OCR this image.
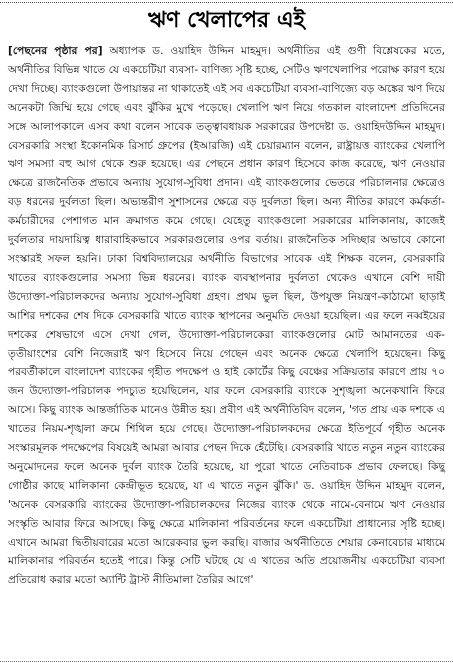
ঋণ খেলাপের এই

[পেছনের পৃষ্ঠার পর] অধ্যাপক ড. ওয়াহিদ উদ্দিন মাহমুদ। অর্থনীতির এই গুণী বিশ্লেষকের মতে, অর্থনীতির বিভিন্ন খাতে যে একচেটিয়া ব্যবসা- বাণিজ্য সৃষ্টি হচ্ছে, সেটিও ঋণখেলাপির পরোক্ষ কারণ হয়ে দেখা দিচ্ছে। ব্যাংকগুলো উপায়ান্তর না থাকাতেই এই সব একচেটিয়া ব্যবসা-বাণিজ্যে বড় অঙ্কের ঋণ দিয়ে অনেকটা জিম্মি হয়ে গেছে এবং ঝুঁকির মুখে পড়েছে। খেলাপি ঋণ নিয়ে গতকাল বাংলাদেশ প্রতিদিনের সঙ্গে আলাপকালে এসব কথা বলেন সাবেক তত্ত্বাবধায়ক সরকারের উপদেষ্টা ড. ওয়াহিদউদ্দিন মাহমুদ। বেসরকারি সংস্থা ইকোনমিক রিসার্চ গ্রুপের (ইআরজি) এই চেয়ারম্যান বলেন, রাষ্ট্রায়ত্ত ব্যাংকের খেলাপি ঋণ সমস্যা বহু আগ থেকে শুরু হয়েছে। এর পেছনে প্রধান কারণ হিসেবে কাজ করেছে, ঋণ নেওয়ার ক্ষেত্রে রাজনৈতিক প্রভাবে অন্যায় সুযোগ-সুবিধা প্রদান। এই ব্যাংকগুলোর ভেতরে পরিচালনার ক্ষেত্রেও বড় ধরনের দুর্বলতা ছিল। অভ্যন্তরীণ সুশাসনের ক্ষেত্রে বড় দুর্বলতা ছিল। অন্য নীতির কারণে কর্মকর্তা-কর্মচারীদের পেশাগত মান ক্রমাগত কমে গেছে। যেহেতু ব্যাংকগুলো সরকারের মালিকানায়, কাজেই দুর্বলতার দায়দায়িত্ব ধারাবাহিকভাবে সরকারগুলোর ওপর বর্তায়। রাজনৈতিক সদিচ্ছার অভাবে কোনো সংস্কারই সফল হয়নি। ঢাকা বিশ্ববিদ্যালয়ের অর্থনীতি বিভাগের সাবেক এই শিক্ষক বলেন, বেসরকারি খাতের ব্যাংকগুলোর সমস্যা ভিন্ন ধরনের। ব্যাংক ব্যবস্থাপনার দুর্বলতা থেকেও এখানে বেশি দায়ী উদ্যোক্তা-পরিচালকদের অন্যায় সুযোগ-সুবিধা গ্রহণ। প্রথম ভুল ছিল, উপযুক্ত নিয়ন্ত্রণ-কাঠামো ছাড়াই আশির দশকের শেষ দিকে বেসরকারি খাতে ব্যাংক স্থাপনের অনুমতি দেওয়া হয়েছিল। এর ফলে নব্বইয়ের দশকের শেষভাগে এসে দেখা গেল, উদ্যোক্তা-পরিচালকেরা ব্যাংকগুলোর মোট আমানতের এক-তৃতীয়াংশের বেশি নিজেরাই ঋণ হিসেবে নিয়ে গেছেন এবং অনেক ক্ষেত্রে খেলাপি হয়েছেন। কিছু পরবর্তীকালে বাংলাদেশ ব্যাংকের গৃহীত পদক্ষেপ ও হাই কোর্টের কিছু বেঞ্চের সক্রিয়তার কারণে প্রায় ৭০ জন উদ্যোক্তা-পরিচালক পদচ্যুত হয়েছিলেন, যার ফলে বেসরকারি ব্যাংকে সুশৃঙ্খলা অনেকখানি ফিরে আসে। কিছু ব্যাংক আন্তর্জাতিক মানেও উন্নীত হয়। প্রবীণ এই অর্থনীতিবিদ বলেন, 'গত প্রায় এক দশকে এ খাতের নিয়ম-শৃঙ্খলা ক্রমে শিথিল হয়ে গেছে। উদ্যোক্তা-পরিচালকদের ক্ষেত্রে ইতিপূর্বে গৃহীত অনেক সংস্কারমূলক পদক্ষেপের বিষয়েই আমরা আবার পেছন দিকে হেঁটেছি। বেসরকারি খাতে নতুন নতুন ব্যাংকের অনুমোদনের ফলে অনেক দুর্বল ব্যাংক তৈরি হয়েছে, যা পুরো খাতে নেতিবাচক প্রভাব ফেলছে। কিছু গোষ্ঠীর কাছে মালিকানা কেন্দ্রীভূত হয়েছে, যা এ খাতে নতুন ঝুঁকি।' ড. ওয়াহিদ উদ্দিন মাহমুদ বলেন, 'অনেক বেসরকারি ব্যাংকের উদ্যোক্তা-পরিচালকদের নিজের ব্যাংক থেকে নামে-বেনামে ঋণ নেওয়ার সংস্কৃতি আবার ফিরে আসছে। কিছু ক্ষেত্রে মালিকানা পরিবর্তনের ফলে একচেটিয়া প্রাধান্যের সৃষ্টি হচ্ছে। এখানে আমরা দ্বিতীয়বারের মতো আরেকবার ভুল করছি। বাজার অর্থনীতিতে শেয়ার কেনাবেচার মাধ্যমে মালিকানার পরিবর্তন হতেই পারে। কিন্তু সেটি ঘটছে যে এ খাতের অতি প্রয়োজনীয় একচেটিয়া ব্যবসা প্রতিরোধ করার মতো অ্যান্টি ট্রাস্ট নীতিমালা তৈরির আগে'
